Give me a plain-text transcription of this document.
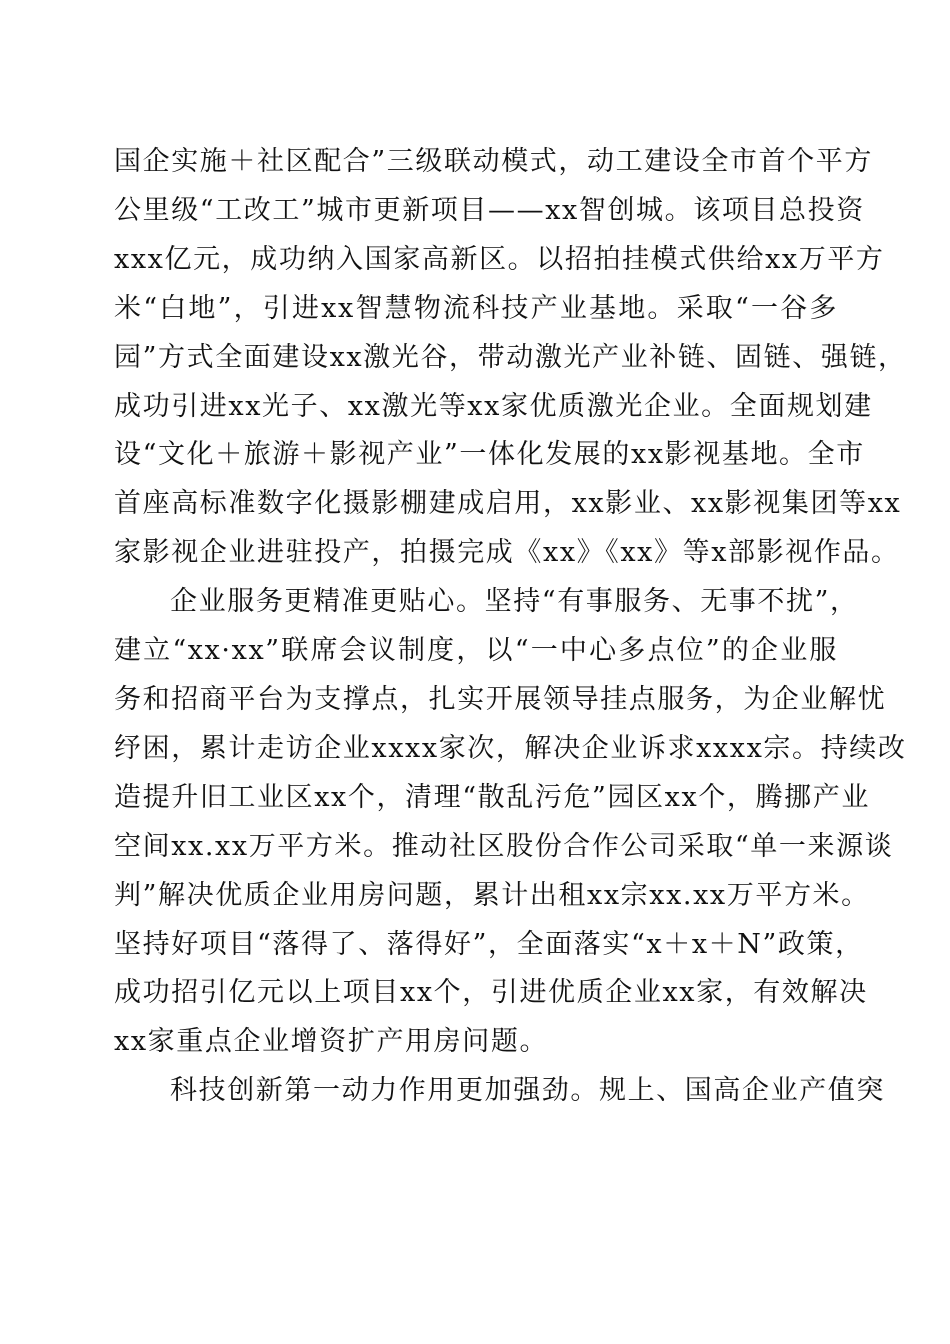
国企实施＋社区配合”三级联动模式，动工建设全市首个平方
公里级“工改工”城市更新项目——xx智创城。该项目总投资
xxx亿元，成功纳入国家高新区。以招拍挂模式供给xx万平方
米“白地”，引进xx智慧物流科技产业基地。采取“一谷多
园”方式全面建设xx激光谷，带动激光产业补链、固链、强链，
成功引进xx光子、xx激光等xx家优质激光企业。全面规划建
设“文化＋旅游＋影视产业”一体化发展的xx影视基地。全市
首座高标准数字化摄影棚建成启用，xx影业、xx影视集团等xx
家影视企业进驻投产，拍摄完成《xx》《xx》等x部影视作品。
企业服务更精准更贴心。坚持“有事服务、无事不扰”，
建立“xx·xx”联席会议制度，以“一中心多点位”的企业服
务和招商平台为支撑点，扎实开展领导挂点服务，为企业解忧
纾困，累计走访企业xxxx家次，解决企业诉求xxxx宗。持续改
造提升旧工业区xx个，清理“散乱污危”园区xx个，腾挪产业
空间xx.xx万平方米。推动社区股份合作公司采取“单一来源谈
判”解决优质企业用房问题，累计出租xx宗xx.xx万平方米。
坚持好项目“落得了、落得好”，全面落实“x＋x＋N”政策，
成功招引亿元以上项目xx个，引进优质企业xx家，有效解决
xx家重点企业增资扩产用房问题。
科技创新第一动力作用更加强劲。规上、国高企业产值突
